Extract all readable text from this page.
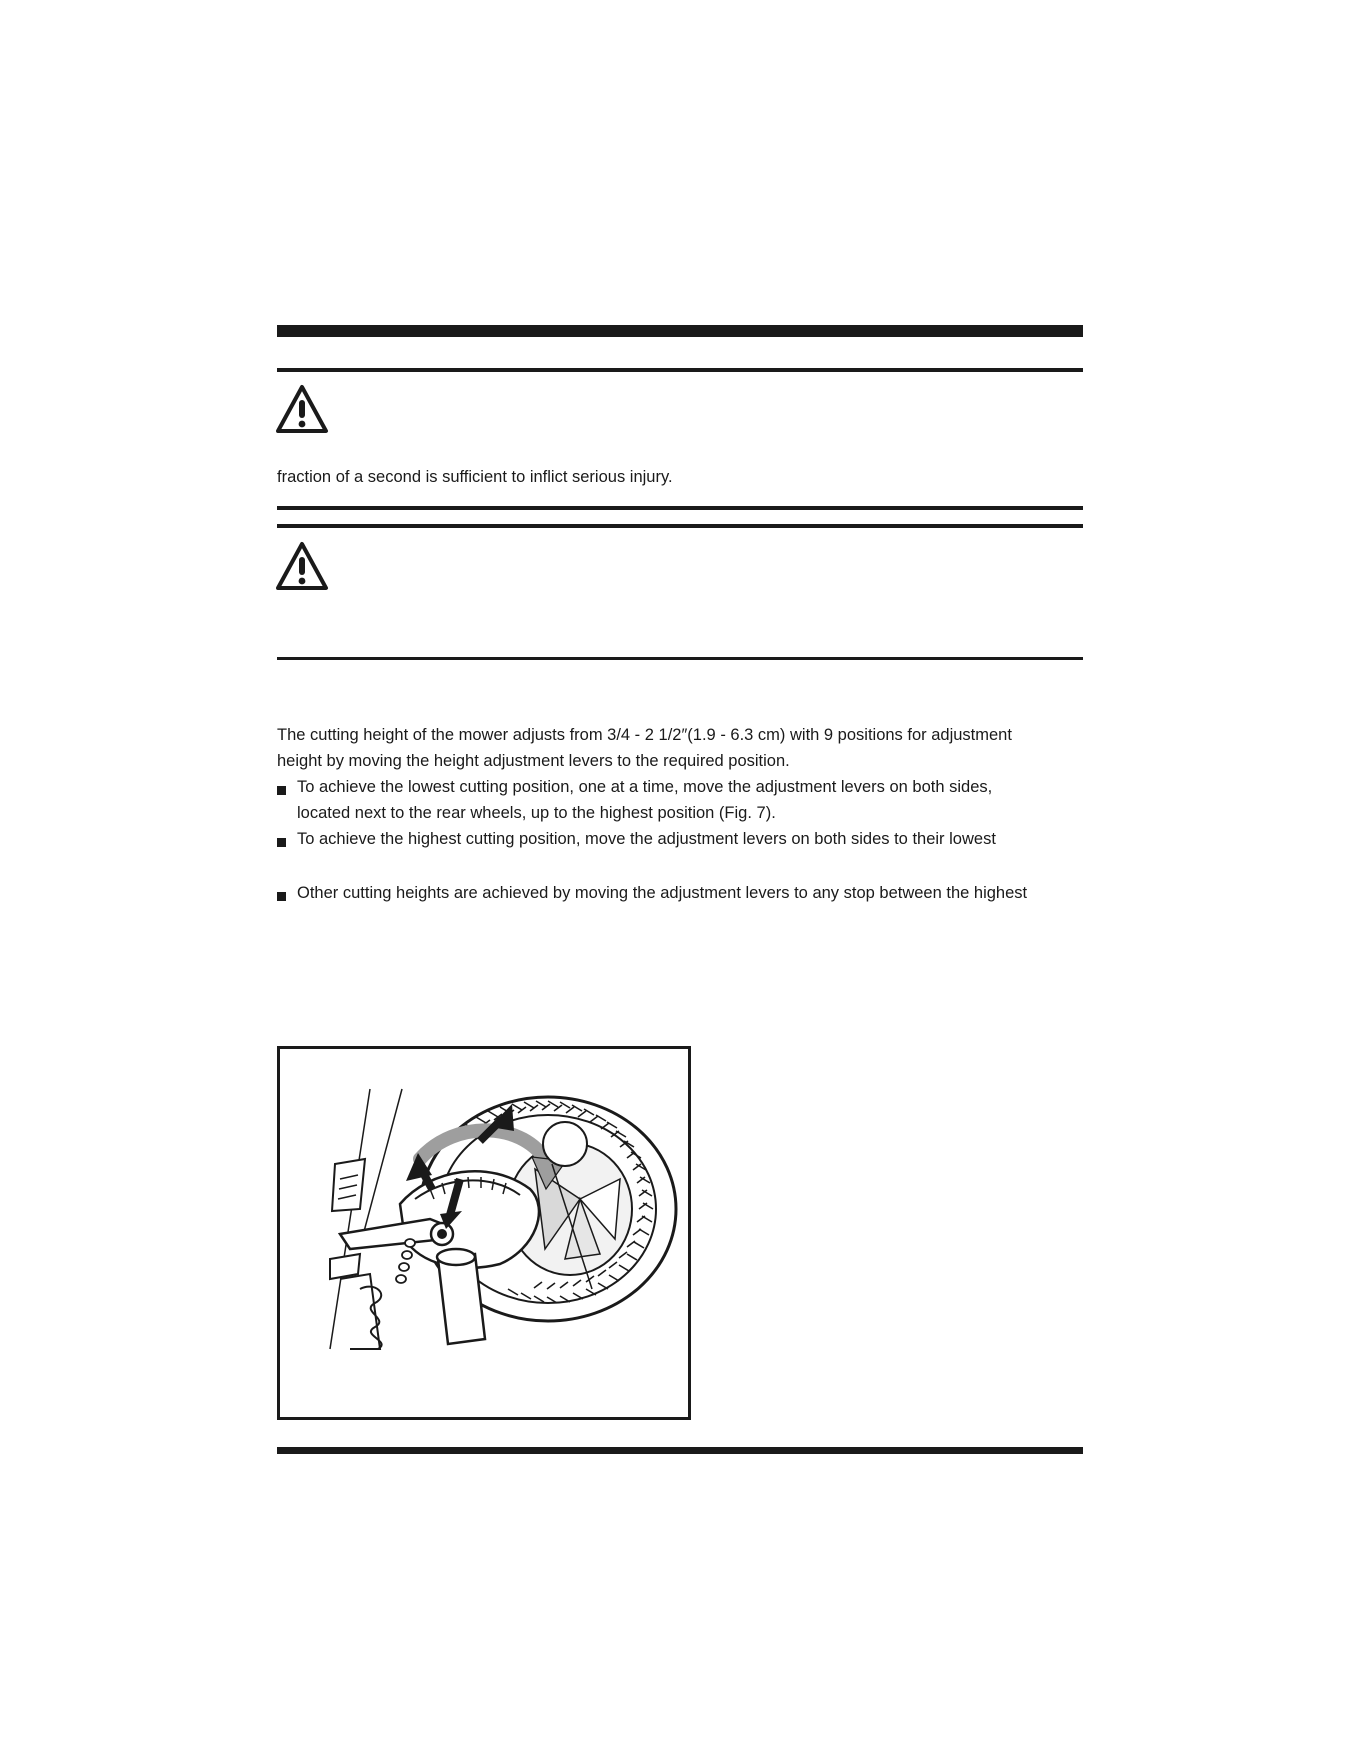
fraction of a second is sufficient to inflict serious injury.
The cutting height of the mower adjusts from 3/4 - 2 1/2″(1.9 - 6.3 cm) with 9 positions for adjustment
height by moving the height adjustment levers to the required position.
To achieve the lowest cutting position, one at a time, move the adjustment levers on both sides,
located next to the rear wheels, up to the highest position (Fig. 7).
To achieve the highest cutting position, move the adjustment levers on both sides to their lowest
Other cutting heights are achieved by moving the adjustment levers to any stop between the highest
